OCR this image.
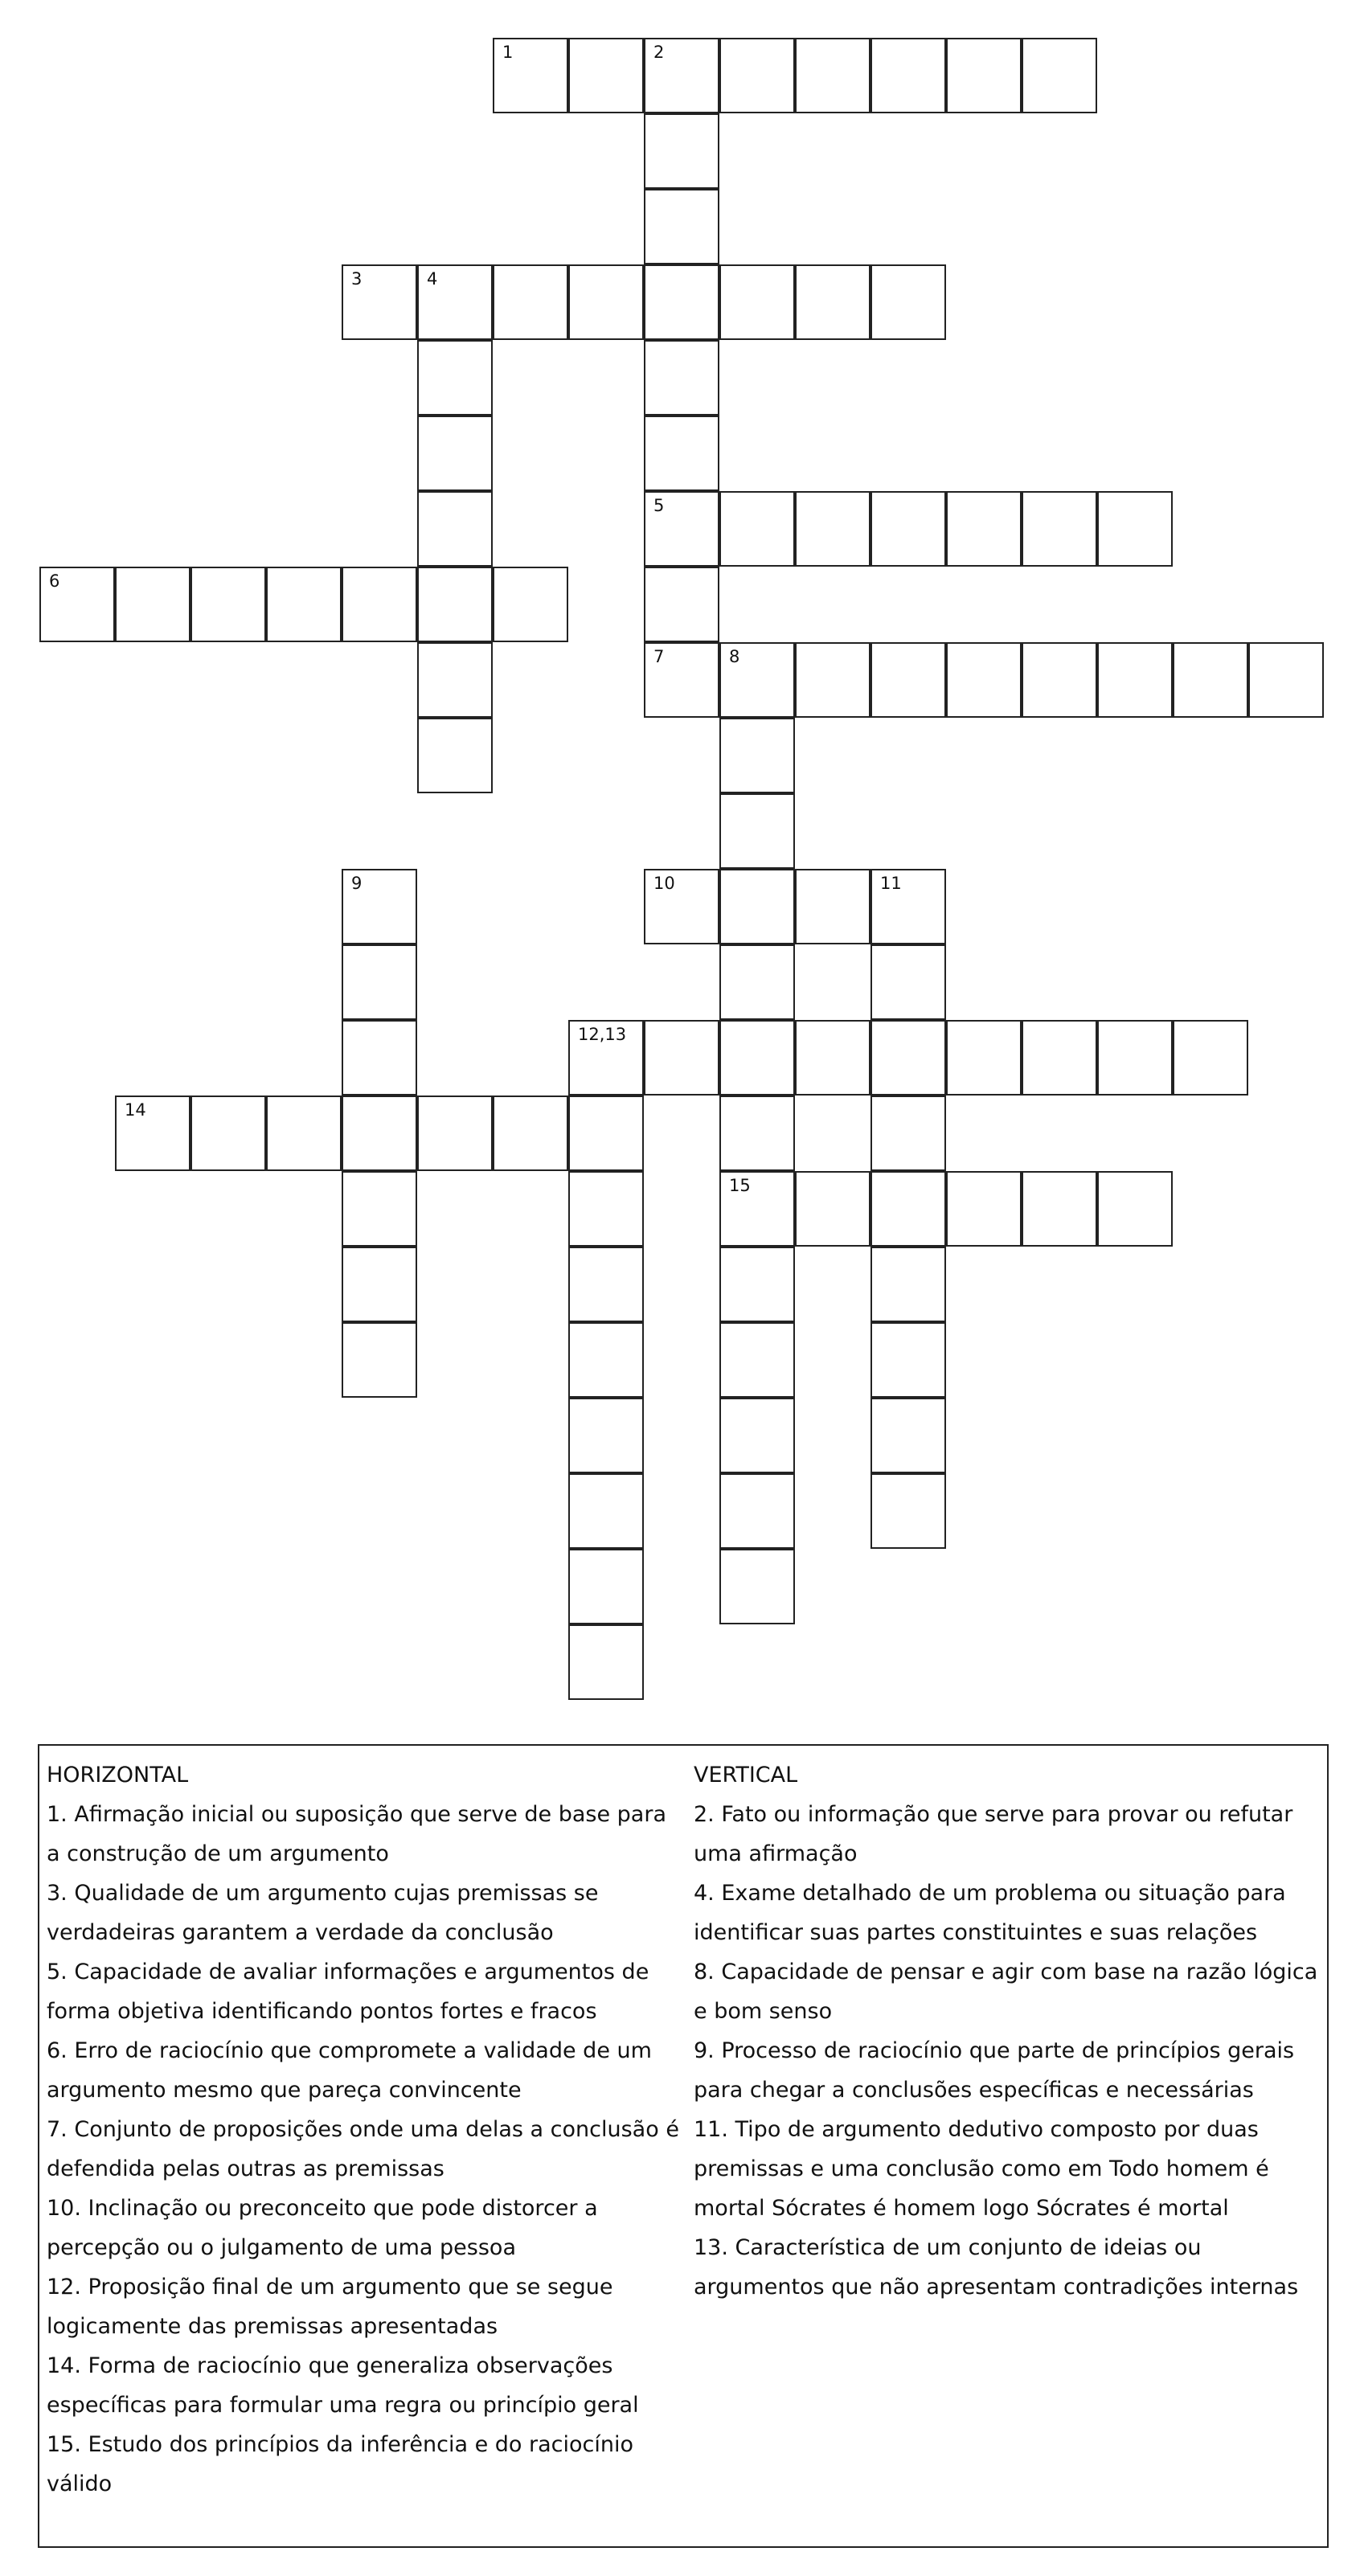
1	2
3	4
5
6
7	8
9	10	11
12,13
14
15
HORIZONTAL
1. Afirmação inicial ou suposição que serve de base para a construção de um argumento
3. Qualidade de um argumento cujas premissas se verdadeiras garantem a verdade da conclusão
5. Capacidade de avaliar informações e argumentos de forma objetiva identificando pontos fortes e fracos
6. Erro de raciocínio que compromete a validade de um argumento mesmo que pareça convincente
7. Conjunto de proposições onde uma delas a conclusão é defendida pelas outras as premissas
10. Inclinação ou preconceito que pode distorcer a percepção ou o julgamento de uma pessoa
12. Proposição final de um argumento que se segue logicamente das premissas apresentadas
14. Forma de raciocínio que generaliza observações específicas para formular uma regra ou princípio geral
15. Estudo dos princípios da inferência e do raciocínio válido
VERTICAL
2. Fato ou informação que serve para provar ou refutar uma afirmação
4. Exame detalhado de um problema ou situação para identificar suas partes constituintes e suas relações
8. Capacidade de pensar e agir com base na razão lógica e bom senso
9. Processo de raciocínio que parte de princípios gerais para chegar a conclusões específicas e necessárias
11. Tipo de argumento dedutivo composto por duas premissas e uma conclusão como em Todo homem é mortal Sócrates é homem logo Sócrates é mortal
13. Característica de um conjunto de ideias ou argumentos que não apresentam contradições internas
